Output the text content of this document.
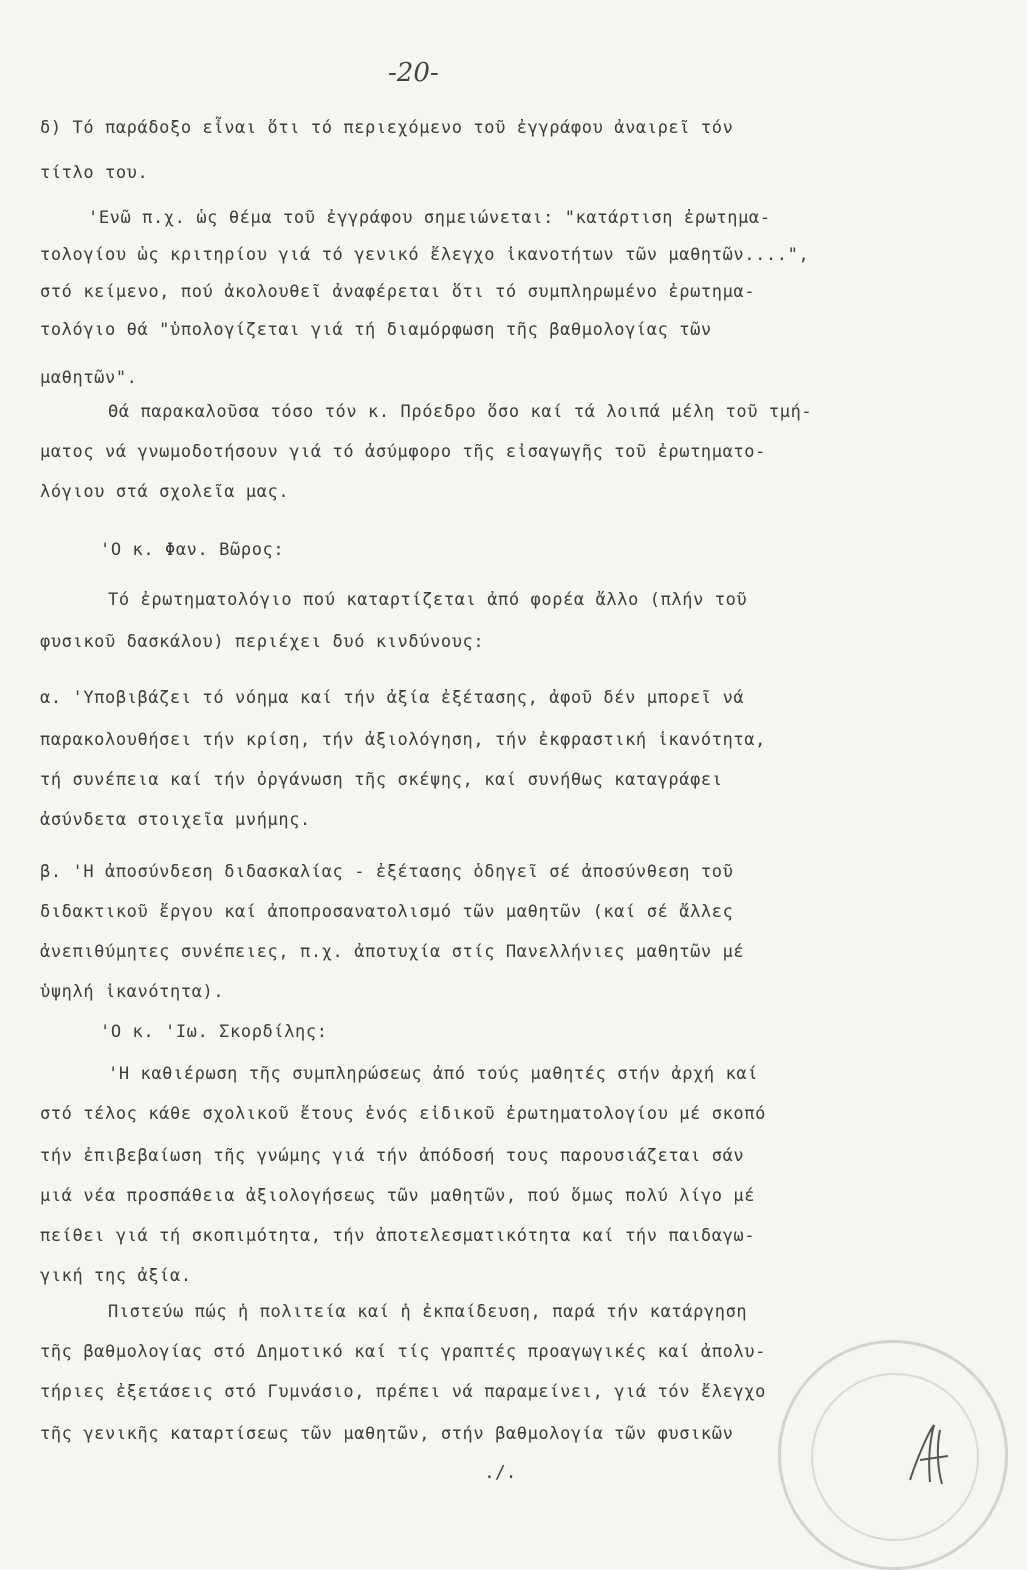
-20-
δ) Τό παράδοξο εἶναι ὅτι τό περιεχόμενο τοῦ ἐγγράφου ἀναιρεῖ τόν
τίτλο του.
'Ενῶ π.χ. ὡς θέμα τοῦ ἐγγράφου σημειώνεται: "κατάρτιση ἐρωτημα-
τολογίου ὡς κριτηρίου γιά τό γενικό ἔλεγχο ἱκανοτήτων τῶν μαθητῶν....",
στό κείμενο, πού ἀκολουθεῖ ἀναφέρεται ὅτι τό συμπληρωμένο ἐρωτημα-
τολόγιο θά "ὑπολογίζεται γιά τή διαμόρφωση τῆς βαθμολογίας τῶν
μαθητῶν".
Θά παρακαλοῦσα τόσο τόν κ. Πρόεδρο ὅσο καί τά λοιπά μέλη τοῦ τμή-
ματος νά γνωμοδοτήσουν γιά τό ἀσύμφορο τῆς εἰσαγωγῆς τοῦ ἐρωτηματο-
λόγιου στά σχολεῖα μας.
'Ο κ. Φαν. Βῶρος:
Τό ἐρωτηματολόγιο πού καταρτίζεται ἀπό φορέα ἄλλο (πλήν τοῦ
φυσικοῦ δασκάλου) περιέχει δυό κινδύνους:
α. 'Υποβιβάζει τό νόημα καί τήν ἀξία ἐξέτασης, ἀφοῦ δέν μπορεῖ νά
παρακολουθήσει τήν κρίση, τήν ἀξιολόγηση, τήν ἐκφραστική ἱκανότητα,
τή συνέπεια καί τήν ὀργάνωση τῆς σκέψης, καί συνήθως καταγράφει
ἀσύνδετα στοιχεῖα μνήμης.
β. 'Η ἀποσύνδεση διδασκαλίας - ἐξέτασης ὁδηγεῖ σέ ἀποσύνθεση τοῦ
διδακτικοῦ ἔργου καί ἀποπροσανατολισμό τῶν μαθητῶν (καί σέ ἄλλες
ἀνεπιθύμητες συνέπειες, π.χ. ἀποτυχία στίς Πανελλήνιες μαθητῶν μέ
ὑψηλή ἱκανότητα).
'Ο κ. 'Ιω. Σκορδίλης:
'Η καθιέρωση τῆς συμπληρώσεως ἀπό τούς μαθητές στήν ἀρχή καί
στό τέλος κάθε σχολικοῦ ἔτους ἑνός εἰδικοῦ ἐρωτηματολογίου μέ σκοπό
τήν ἐπιβεβαίωση τῆς γνώμης γιά τήν ἀπόδοσή τους παρουσιάζεται σάν
μιά νέα προσπάθεια ἀξιολογήσεως τῶν μαθητῶν, πού ὅμως πολύ λίγο μέ
πείθει γιά τή σκοπιμότητα, τήν ἀποτελεσματικότητα καί τήν παιδαγω-
γική της ἀξία.
Πιστεύω πώς ἡ πολιτεία καί ἡ ἐκπαίδευση, παρά τήν κατάργηση
τῆς βαθμολογίας στό Δημοτικό καί τίς γραπτές προαγωγικές καί ἀπολυ-
τήριες ἐξετάσεις στό Γυμνάσιο, πρέπει νά παραμείνει, γιά τόν ἔλεγχο
τῆς γενικῆς καταρτίσεως τῶν μαθητῶν, στήν βαθμολογία τῶν φυσικῶν
./.
